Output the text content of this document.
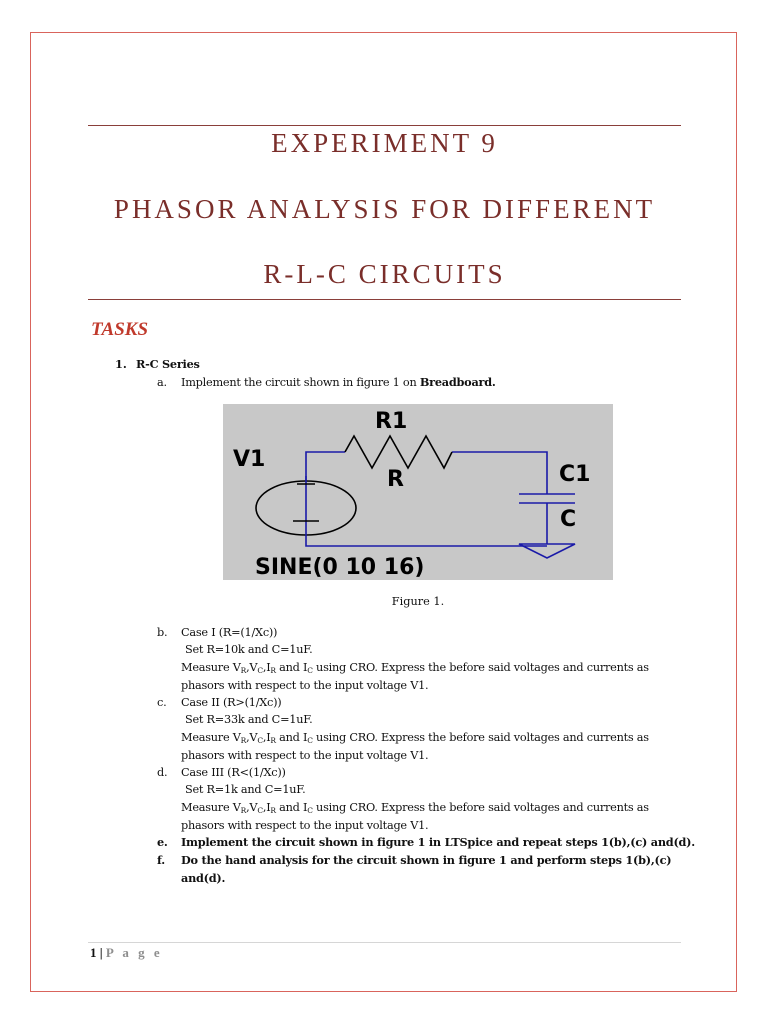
EXPERIMENT 9
PHASOR ANALYSIS FOR DIFFERENT
R-L-C CIRCUITS
TASKS
1. R-C Series
a. Implement the circuit shown in figure 1 on Breadboard.
R1
R
V1
C1
C
SINE(0 10 16)
Figure 1.
b. Case I (R=(1/Xc))
Set R=10k and C=1uF.
Measure $V_R,V_C,I_R$ and $I_C$ using CRO. Express the before said voltages and currents as
phasors with respect to the input voltage V1.
c. Case II (R>(1/Xc))
Set R=33k and C=1uF.
Measure $V_R,V_C,I_R$ and $I_C$ using CRO. Express the before said voltages and currents as
phasors with respect to the input voltage V1.
d. Case III (R<(1/Xc))
Set R=1k and C=1uF.
Measure $V_R,V_C,I_R$ and $I_C$ using CRO. Express the before said voltages and currents as
phasors with respect to the input voltage V1.
e. Implement the circuit shown in figure 1 in LTSpice and repeat steps 1(b),(c) and(d).
f. Do the hand analysis for the circuit shown in figure 1 and perform steps 1(b),(c)
and(d).
1 | P a g e
